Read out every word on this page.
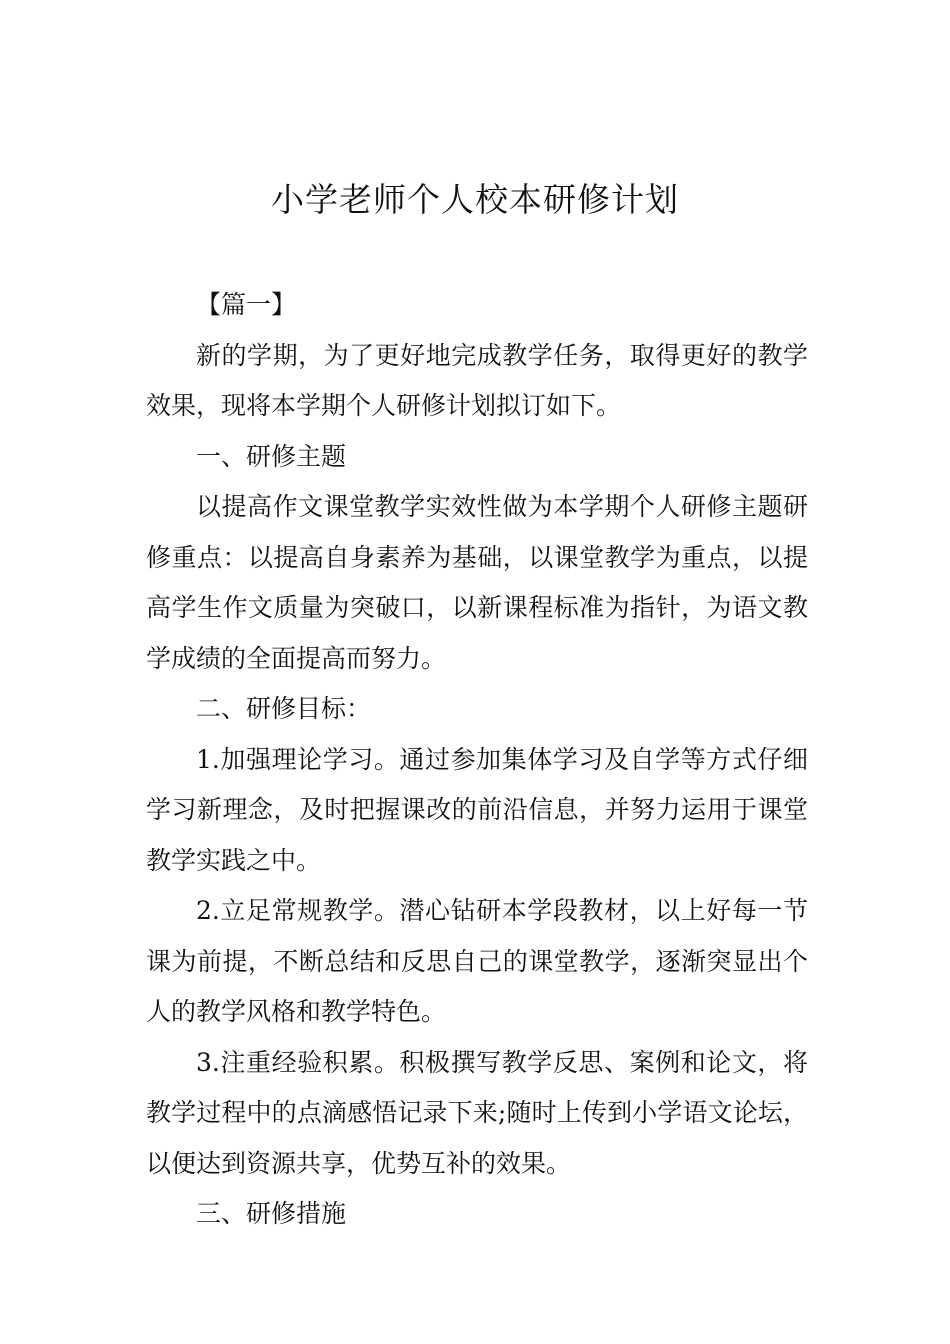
小学老师个人校本研修计划

【篇一】

新的学期，为了更好地完成教学任务，取得更好的教学效果，现将本学期个人研修计划拟订如下。

一、研修主题

以提高作文课堂教学实效性做为本学期个人研修主题研修重点：以提高自身素养为基础，以课堂教学为重点，以提高学生作文质量为突破口，以新课程标准为指针，为语文教学成绩的全面提高而努力。

二、研修目标：

1.加强理论学习。通过参加集体学习及自学等方式仔细学习新理念，及时把握课改的前沿信息，并努力运用于课堂教学实践之中。

2.立足常规教学。潜心钻研本学段教材，以上好每一节课为前提，不断总结和反思自己的课堂教学，逐渐突显出个人的教学风格和教学特色。

3.注重经验积累。积极撰写教学反思、案例和论文，将教学过程中的点滴感悟记录下来;随时上传到小学语文论坛，以便达到资源共享，优势互补的效果。

三、研修措施
